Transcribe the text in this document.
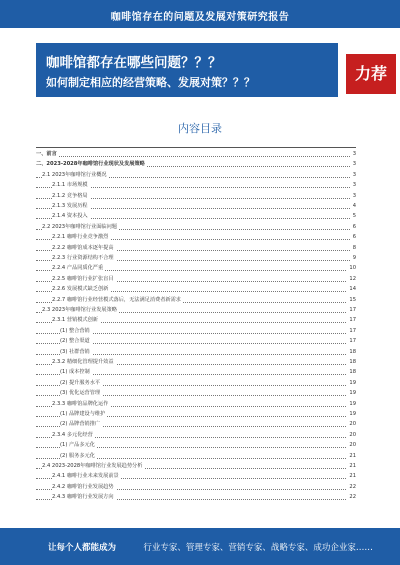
咖啡馆存在的问题及发展对策研究报告
咖啡馆都存在哪些问题？？？
如何制定相应的经营策略、发展对策？？？	力荐
内容目录
一、前言	3
二、2023-2028年咖啡馆行业现状及发展策略	3
2.1 2023年咖啡馆行业概况	3
2.1.1 市场规模	3
2.1.2 竞争格局	3
2.1.3 发展历程	4
2.1.4 资本投入	5
2.2 2023年咖啡馆行业面临问题	6
2.2.1 咖啡行业竞争激烈	6
2.2.2 咖啡馆成本逐年提高	8
2.2.3 行业资源结构不合理	9
2.2.4 产品同质化严重	10
2.2.5 咖啡馆行业扩张盲目	12
2.2.6 发展模式缺乏创新	14
2.2.7 咖啡馆行业经营模式落后，无法满足消费者新需求	15
2.3 2023年咖啡馆行业发展策略	17
2.3.1 营销模式创新	17
(1) 整合营销	17
(2) 整合渠道	17
(3) 社群营销	18
2.3.2 精细化管理提升效益	18
(1) 成本控制	18
(2) 提升服务水平	19
(3) 优化运营管理	19
2.3.3 咖啡馆品牌化运作	19
(1) 品牌建设与维护	19
(2) 品牌营销推广	20
2.3.4 多元化经营	20
(1) 产品多元化	20
(2) 服务多元化	21
2.4 2023-2028年咖啡馆行业发展趋势分析	21
2.4.1 咖啡行业未来发展前景	21
2.4.2 咖啡馆行业发展趋势	22
2.4.3 咖啡馆行业发展方向	22
让每个人都能成为	行业专家、管理专家、营销专家、战略专家、成功企业家……
